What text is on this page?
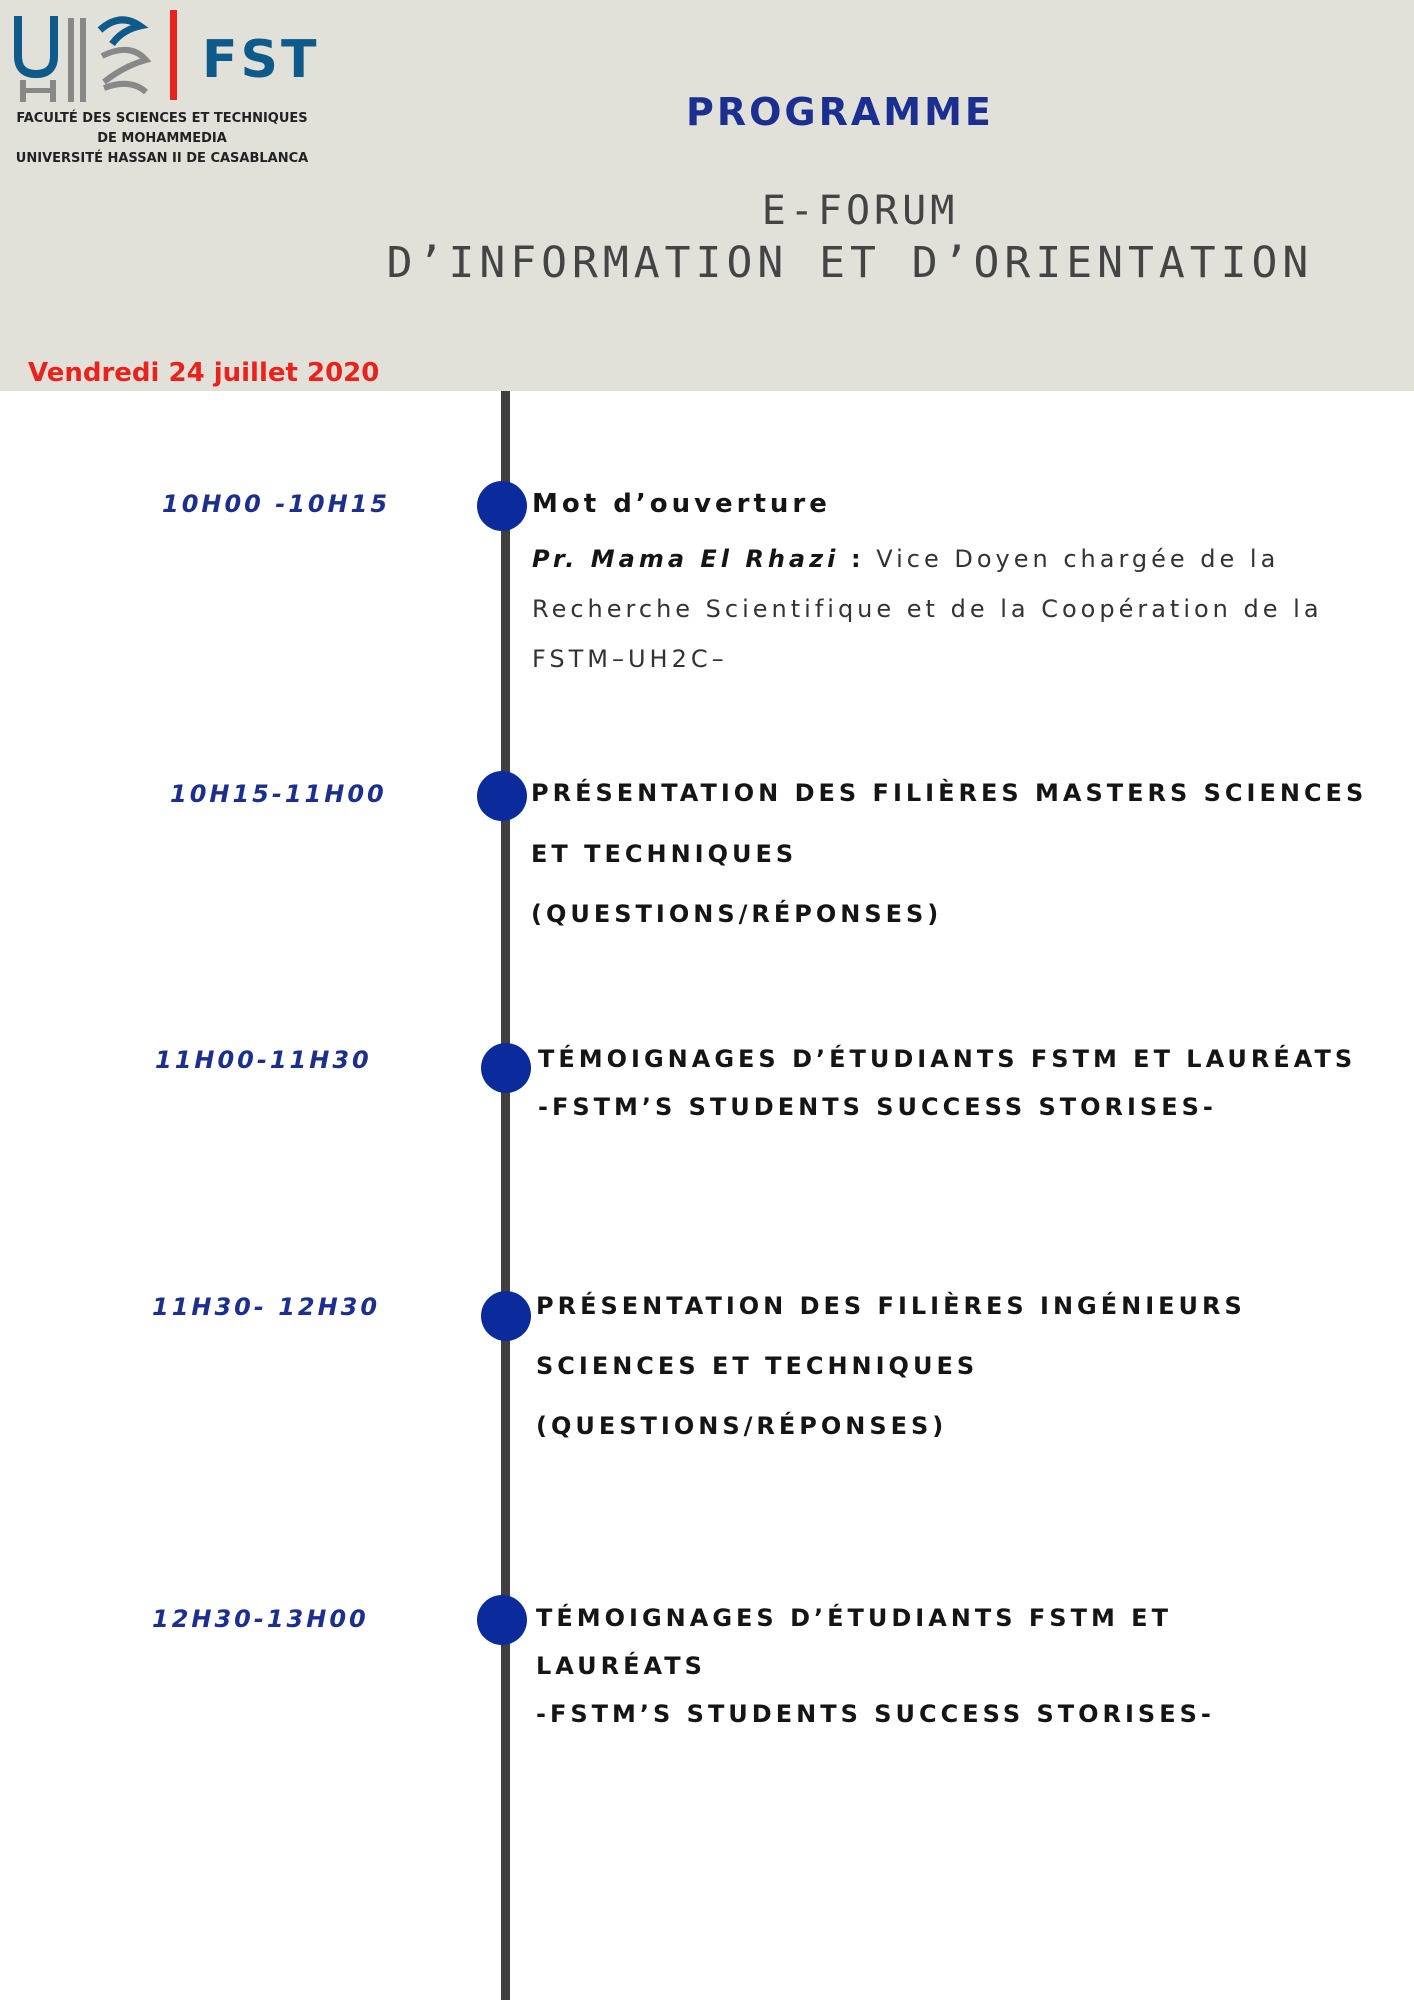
FST
FACULTÉ DES SCIENCES ET TECHNIQUES
DE MOHAMMEDIA
UNIVERSITÉ HASSAN II DE CASABLANCA
PROGRAMME
E-FORUM
D’INFORMATION ET D’ORIENTATION
Vendredi 24 juillet 2020
10H00 -10H15	Mot d’ouverture
Pr. Mama El Rhazi : Vice Doyen chargée de la Recherche Scientifique et de la Coopération de la FSTM–UH2C–
10H15-11H00	PRÉSENTATION DES FILIÈRES MASTERS SCIENCES
ET TECHNIQUES
(QUESTIONS/RÉPONSES)
11H00-11H30	TÉMOIGNAGES D’ÉTUDIANTS FSTM ET LAURÉATS
-FSTM’S STUDENTS SUCCESS STORISES-
11H30- 12H30	PRÉSENTATION DES FILIÈRES INGÉNIEURS
SCIENCES ET TECHNIQUES
(QUESTIONS/RÉPONSES)
12H30-13H00	TÉMOIGNAGES D’ÉTUDIANTS FSTM ET
LAURÉATS
-FSTM’S STUDENTS SUCCESS STORISES-
